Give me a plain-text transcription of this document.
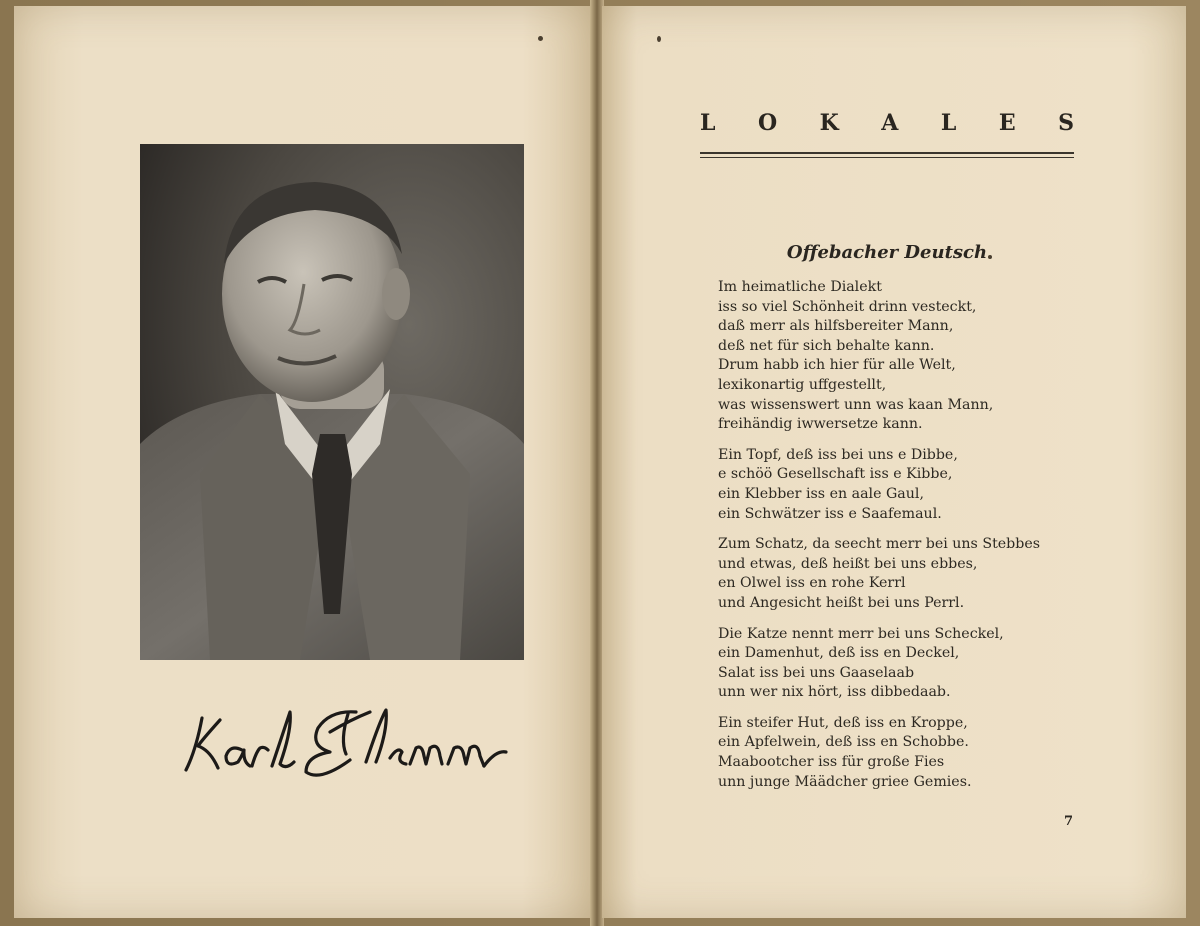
L O K A L E S
Offebacher Deutsch
Im heimatliche Dialekt
iss so viel Schönheit drinn vesteckt,
daß merr als hilfsbereiter Mann,
deß net für sich behalte kann.
Drum habb ich hier für alle Welt,
lexikonartig uffgestellt,
was wissenswert unn was kaan Mann,
freihändig iwwersetze kann.
Ein Topf, deß iss bei uns e Dibbe,
e schöö Gesellschaft iss e Kibbe,
ein Klebber iss en aale Gaul,
ein Schwätzer iss e Saafemaul.
Zum Schatz, da seecht merr bei uns Stebbes
und etwas, deß heißt bei uns ebbes,
en Olwel iss en rohe Kerrl
und Angesicht heißt bei uns Perrl.
Die Katze nennt merr bei uns Scheckel,
ein Damenhut, deß iss en Deckel,
Salat iss bei uns Gaaselaab
unn wer nix hört, iss dibbedaab.
Ein steifer Hut, deß iss en Kroppe,
ein Apfelwein, deß iss en Schobbe.
Maabootcher iss für große Fies
unn junge Määdcher griee Gemies.
7
